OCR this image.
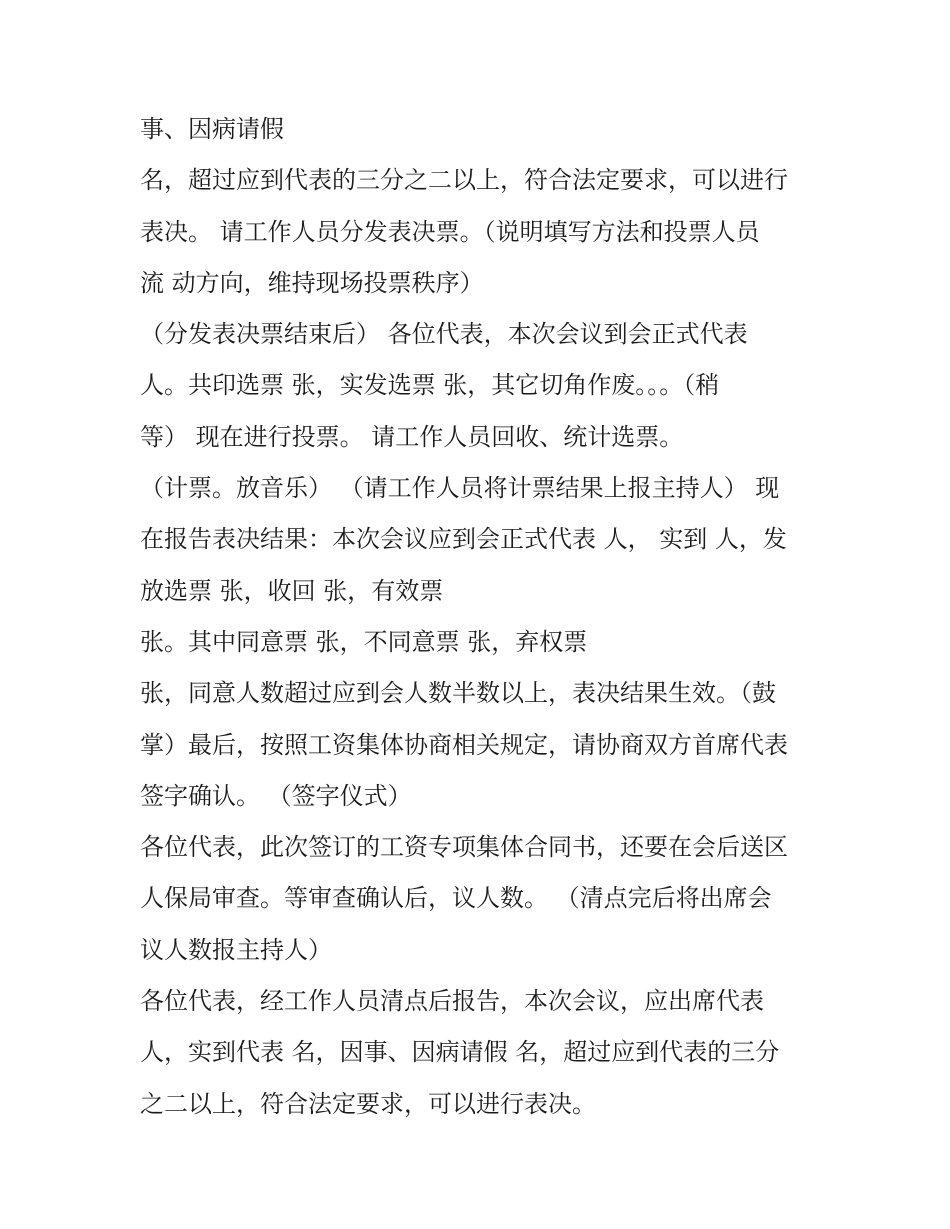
事、因病请假
名，超过应到代表的三分之二以上，符合法定要求，可以进行
表决。 请工作人员分发表决票。（说明填写方法和投票人员
流 动方向，维持现场投票秩序）
（分发表决票结束后） 各位代表，本次会议到会正式代表
人。共印选票 张，实发选票 张，其它切角作废。。。（稍
等） 现在进行投票。 请工作人员回收、统计选票。
（计票。放音乐） （请工作人员将计票结果上报主持人） 现
在报告表决结果：本次会议应到会正式代表 人， 实到 人，发
放选票 张，收回 张，有效票
张。其中同意票 张，不同意票 张，弃权票
张，同意人数超过应到会人数半数以上，表决结果生效。（鼓
掌）最后，按照工资集体协商相关规定，请协商双方首席代表
签字确认。 （签字仪式）
各位代表，此次签订的工资专项集体合同书，还要在会后送区
人保局审查。等审查确认后，议人数。 （清点完后将出席会
议人数报主持人）
各位代表，经工作人员清点后报告，本次会议，应出席代表
人，实到代表 名，因事、因病请假 名，超过应到代表的三分
之二以上，符合法定要求，可以进行表决。
